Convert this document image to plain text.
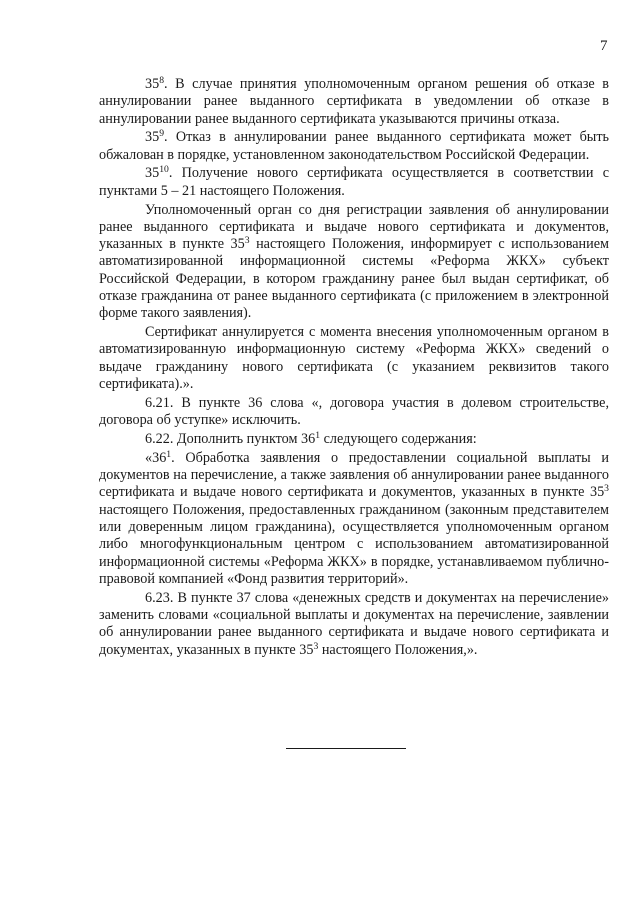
7

$35^8$. В случае принятия уполномоченным органом решения об отказе в аннулировании ранее выданного сертификата в уведомлении об отказе в аннулировании ранее выданного сертификата указываются причины отказа.

$35^9$. Отказ в аннулировании ранее выданного сертификата может быть обжалован в порядке, установленном законодательством Российской Федерации.

$35^{10}$. Получение нового сертификата осуществляется в соответствии с пунктами 5 – 21 настоящего Положения.

Уполномоченный орган со дня регистрации заявления об аннулировании ранее выданного сертификата и выдаче нового сертификата и документов, указанных в пункте $35^3$ настоящего Положения, информирует с использованием автоматизированной информационной системы «Реформа ЖКХ» субъект Российской Федерации, в котором гражданину ранее был выдан сертификат, об отказе гражданина от ранее выданного сертификата (с приложением в электронной форме такого заявления).

Сертификат аннулируется с момента внесения уполномоченным органом в автоматизированную информационную систему «Реформа ЖКХ» сведений о выдаче гражданину нового сертификата (с указанием реквизитов такого сертификата).».

6.21. В пункте 36 слова «, договора участия в долевом строительстве, договора об уступке» исключить.

6.22. Дополнить пунктом $36^1$ следующего содержания:

«$36^1$. Обработка заявления о предоставлении социальной выплаты и документов на перечисление, а также заявления об аннулировании ранее выданного сертификата и выдаче нового сертификата и документов, указанных в пункте $35^3$ настоящего Положения, предоставленных гражданином (законным представителем или доверенным лицом гражданина), осуществляется уполномоченным органом либо многофункциональным центром с использованием автоматизированной информационной системы «Реформа ЖКХ» в порядке, устанавливаемом публично-правовой компанией «Фонд развития территорий».

6.23. В пункте 37 слова «денежных средств и документах на перечисление» заменить словами «социальной выплаты и документах на перечисление, заявлении об аннулировании ранее выданного сертификата и выдаче нового сертификата и документах, указанных в пункте $35^3$ настоящего Положения,».
